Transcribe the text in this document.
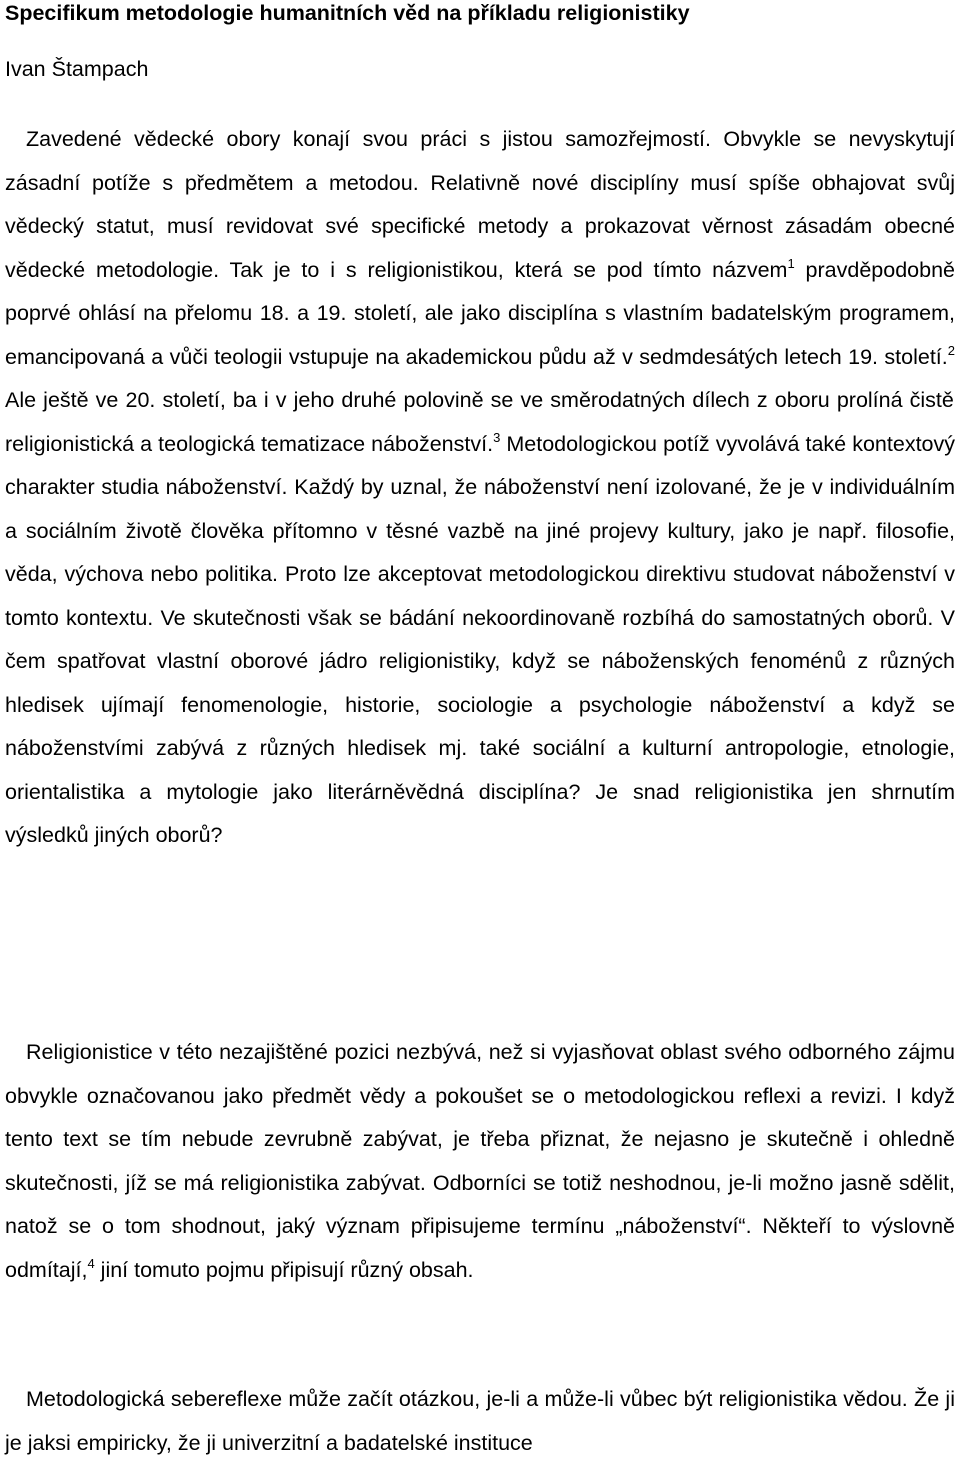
Specifikum metodologie humanitních věd na příkladu religionistiky

Ivan Štampach

Zavedené vědecké obory konají svou práci s jistou samozřejmostí. Obvykle se nevyskytují zásadní potíže s předmětem a metodou. Relativně nové disciplíny musí spíše obhajovat svůj vědecký statut, musí revidovat své specifické metody a prokazovat věrnost zásadám obecné vědecké metodologie. Tak je to i s religionistikou, která se pod tímto názvem$^1$ pravděpodobně poprvé ohlásí na přelomu 18. a 19. století, ale jako disciplína s vlastním badatelským programem, emancipovaná a vůči teologii vstupuje na akademickou půdu až v sedmdesátých letech 19. století.$^2$ Ale ještě ve 20. století, ba i v jeho druhé polovině se ve směrodatných dílech z oboru prolíná čistě religionistická a teologická tematizace náboženství.$^3$ Metodologickou potíž vyvolává také kontextový charakter studia náboženství. Každý by uznal, že náboženství není izolované, že je v individuálním a sociálním životě člověka přítomno v těsné vazbě na jiné projevy kultury, jako je např. filosofie, věda, výchova nebo politika. Proto lze akceptovat metodologickou direktivu studovat náboženství v tomto kontextu. Ve skutečnosti však se bádání nekoordinovaně rozbíhá do samostatných oborů. V čem spatřovat vlastní oborové jádro religionistiky, když se náboženských fenoménů z různých hledisek ujímají fenomenologie, historie, sociologie a psychologie náboženství a když se náboženstvími zabývá z různých hledisek mj. také sociální a kulturní antropologie, etnologie, orientalistika a mytologie jako literárněvědná disciplína? Je snad religionistika jen shrnutím výsledků jiných oborů?

Religionistice v této nezajištěné pozici nezbývá, než si vyjasňovat oblast svého odborného zájmu obvykle označovanou jako předmět vědy a pokoušet se o metodologickou reflexi a revizi. I když tento text se tím nebude zevrubně zabývat, je třeba přiznat, že nejasno je skutečně i ohledně skutečnosti, jíž se má religionistika zabývat. Odborníci se totiž neshodnou, je-li možno jasně sdělit, natož se o tom shodnout, jaký význam připisujeme termínu „náboženství“. Někteří to výslovně odmítají,$^4$ jiní tomuto pojmu připisují různý obsah.

Metodologická sebereflexe může začít otázkou, je-li a může-li vůbec být religionistika vědou. Že ji je jaksi empiricky, že ji univerzitní a badatelské instituce
